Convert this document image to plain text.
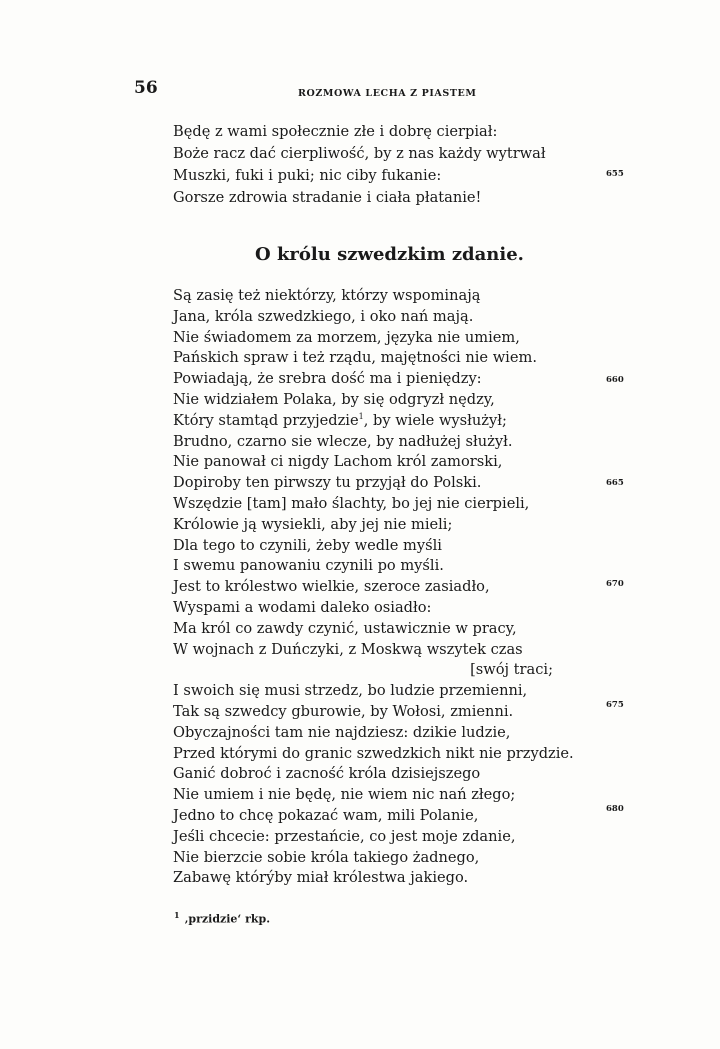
56	ROZMOWA LECHA Z PIASTEM
Będę z wami społecznie złe i dobrę cierpiał:
Boże racz dać cierpliwość, by z nas każdy wytrwał
Muszki, fuki i puki; nic ciby fukanie:
Gorsze zdrowia stradanie i ciała płatanie!
655
O królu szwedzkim zdanie.
Są zasię też niektórzy, którzy wspominają
Jana, króla szwedzkiego, i oko nań mają.
Nie świadomem za morzem, języka nie umiem,
Pańskich spraw i też rządu, majętności nie wiem.
Powiadają, że srebra dość ma i pieniędzy:
Nie widziałem Polaka, by się odgryzł nędzy,
Który stamtąd przyjedzie$^1$, by wiele wysłużył;
Brudno, czarno sie wlecze, by nadłużej służył.
Nie panował ci nigdy Lachom król zamorski,
Dopiroby ten pirwszy tu przyjął do Polski.
Wszędzie [tam] mało ślachty, bo jej nie cierpieli,
Królowie ją wysiekli, aby jej nie mieli;
Dla tego to czynili, żeby wedle myśli
I swemu panowaniu czynili po myśli.
Jest to królestwo wielkie, szeroce zasiadło,
Wyspami a wodami daleko osiadło:
Ma król co zawdy czynić, ustawicznie w pracy,
W wojnach z Duńczyki, z Moskwą wszytek czas
[swój traci;
I swoich się musi strzedz, bo ludzie przemienni,
Tak są szwedcy gburowie, by Wołosi, zmienni.
Obyczajności tam nie najdziesz: dzikie ludzie,
Przed którymi do granic szwedzkich nikt nie przydzie.
Ganić dobroć i zacność króla dzisiejszego
Nie umiem i nie będę, nie wiem nic nań złego;
Jedno to chcę pokazać wam, mili Polanie,
Jeśli chcecie: przestańcie, co jest moje zdanie,
Nie bierzcie sobie króla takiego żadnego,
Zabawę którýby miał królestwa jakiego.
660
665
670
675
680
$^1$ ‚przidzie‘ rkp.
